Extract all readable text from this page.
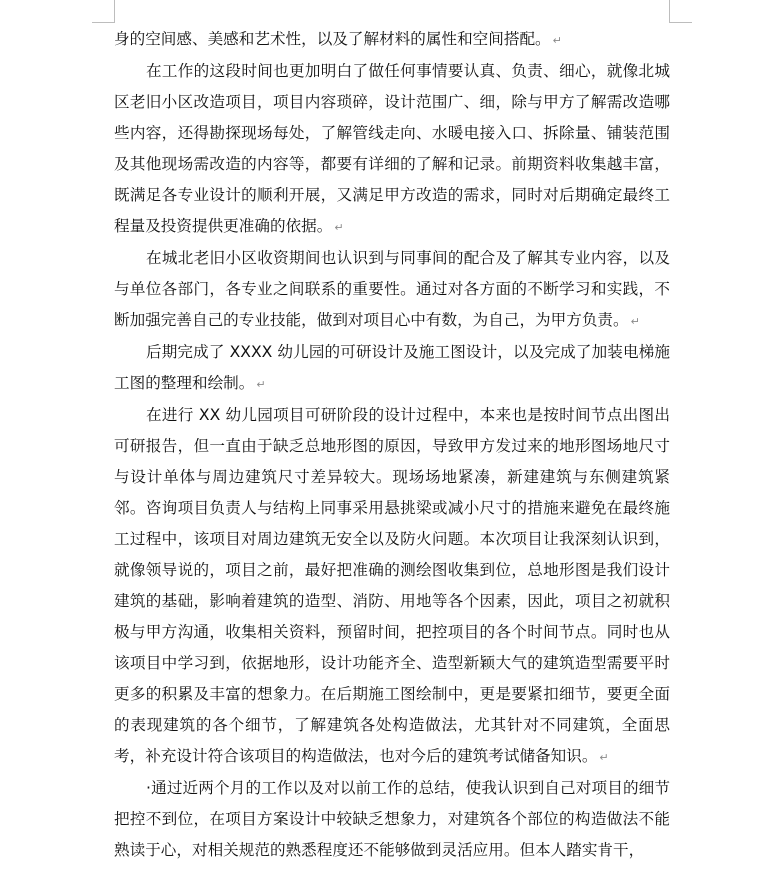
身的空间感、美感和艺术性，以及了解材料的属性和空间搭配。 ↵

在工作的这段时间也更加明白了做任何事情要认真、负责、细心，就像北城区老旧小区改造项目，项目内容琐碎，设计范围广、细，除与甲方了解需改造哪些内容，还得勘探现场每处，了解管线走向、水暖电接入口、拆除量、铺装范围及其他现场需改造的内容等，都要有详细的了解和记录。前期资料收集越丰富，既满足各专业设计的顺利开展，又满足甲方改造的需求，同时对后期确定最终工程量及投资提供更准确的依据。 ↵

在城北老旧小区收资期间也认识到与同事间的配合及了解其专业内容，以及与单位各部门，各专业之间联系的重要性。通过对各方面的不断学习和实践，不断加强完善自己的专业技能，做到对项目心中有数，为自己，为甲方负责。 ↵

后期完成了 XXXX 幼儿园的可研设计及施工图设计，以及完成了加装电梯施工图的整理和绘制。 ↵

在进行 XX 幼儿园项目可研阶段的设计过程中，本来也是按时间节点出图出可研报告，但一直由于缺乏总地形图的原因，导致甲方发过来的地形图场地尺寸与设计单体与周边建筑尺寸差异较大。现场场地紧凑，新建建筑与东侧建筑紧邻。咨询项目负责人与结构上同事采用悬挑梁或减小尺寸的措施来避免在最终施工过程中，该项目对周边建筑无安全以及防火问题。本次项目让我深刻认识到，就像领导说的，项目之前，最好把准确的测绘图收集到位，总地形图是我们设计建筑的基础，影响着建筑的造型、消防、用地等各个因素，因此，项目之初就积极与甲方沟通，收集相关资料，预留时间，把控项目的各个时间节点。同时也从该项目中学习到，依据地形，设计功能齐全、造型新颖大气的建筑造型需要平时更多的积累及丰富的想象力。在后期施工图绘制中，更是要紧扣细节，要更全面的表现建筑的各个细节，了解建筑各处构造做法，尤其针对不同建筑，全面思考，补充设计符合该项目的构造做法，也对今后的建筑考试储备知识。 ↵

·通过近两个月的工作以及对以前工作的总结，使我认识到自己对项目的细节把控不到位，在项目方案设计中较缺乏想象力，对建筑各个部位的构造做法不能熟读于心，对相关规范的熟悉程度还不能够做到灵活应用。但本人踏实肯干，
